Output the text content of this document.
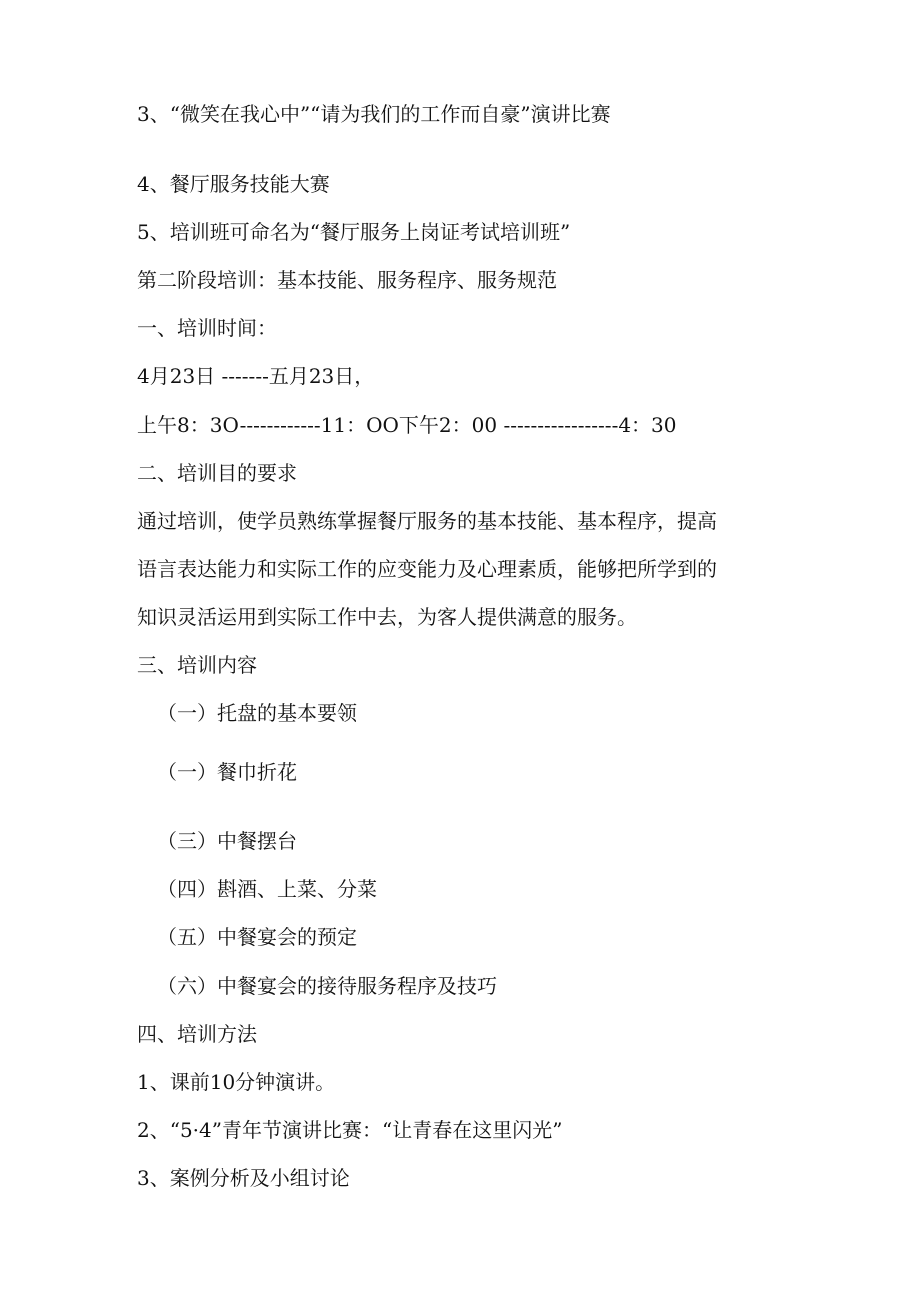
3、“微笑在我心中”“请为我们的工作而自豪”演讲比赛
4、餐厅服务技能大赛
5、培训班可命名为“餐厅服务上岗证考试培训班”
第二阶段培训：基本技能、服务程序、服务规范
一、培训时间：
4月23日 -------五月23日，
上午8：3O------------11：OO下午2：00 -----------------4：30
二、培训目的要求
通过培训，使学员熟练掌握餐厅服务的基本技能、基本程序，提高
语言表达能力和实际工作的应变能力及心理素质，能够把所学到的
知识灵活运用到实际工作中去，为客人提供满意的服务。
三、培训内容
（一）托盘的基本要领
（一）餐巾折花
（三）中餐摆台
（四）斟酒、上菜、分菜
（五）中餐宴会的预定
（六）中餐宴会的接待服务程序及技巧
四、培训方法
1、课前10分钟演讲。
2、“5·4”青年节演讲比赛：“让青春在这里闪光”
3、案例分析及小组讨论
